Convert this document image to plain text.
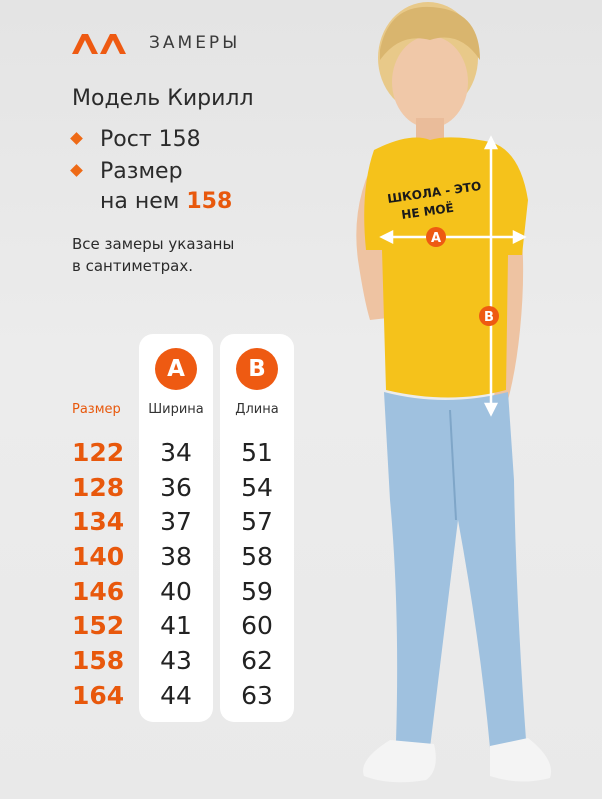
ЗАМЕРЫ
Модель Кирилл
Рост 158
Размер
на нем 158
Все замеры указаны
в сантиметрах.
Размер
122
128
134
140
146
152
158
164
A
Ширина
34
36
37
38
40
41
43
44
B
Длина
51
54
57
58
59
60
62
63
ШКОЛА - ЭТО
НЕ МОЁ
A
B
